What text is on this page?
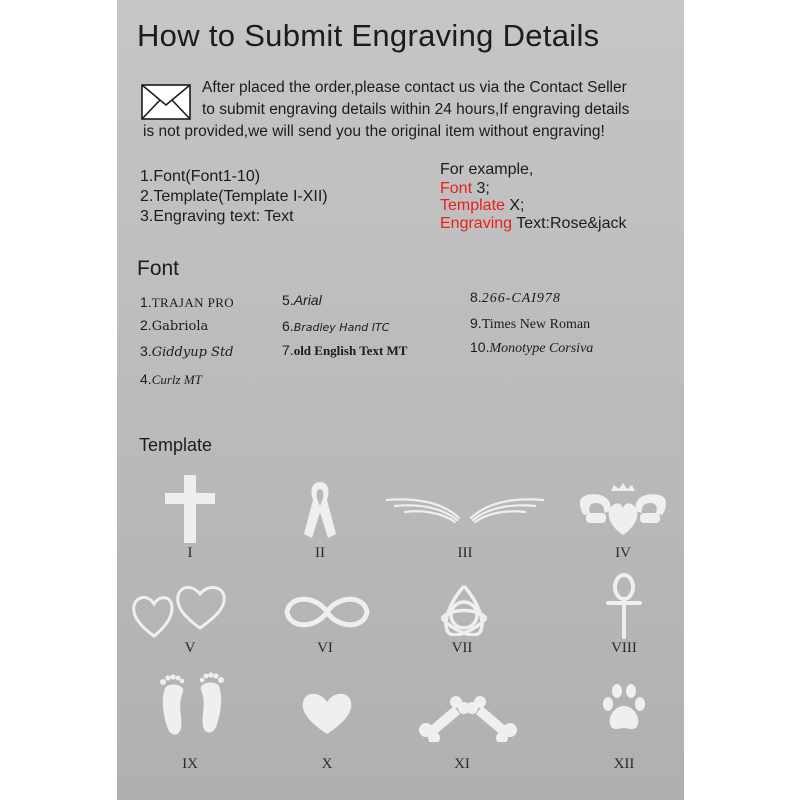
How to Submit Engraving Details
After placed the order,please contact us via the Contact Seller
to submit engraving details within 24 hours,If engraving details
is not provided,we will send you the original item without engraving!
1.Font(Font1-10)
2.Template(Template I-XII)
3.Engraving text: Text
For example,
Font 3;
Template X;
Engraving Text:Rose&jack
Font
1.TRAJAN PRO
2.Gabriola
3.Giddyup Std
4.Curlz MT
5.Arial
6.Bradley Hand ITC
7.old English Text MT
8.266-CAI978
9.Times New Roman
10.Monotype Corsiva
Template
I	II	III	IV
V	VI	VII	VIII
IX	X	XI	XII
